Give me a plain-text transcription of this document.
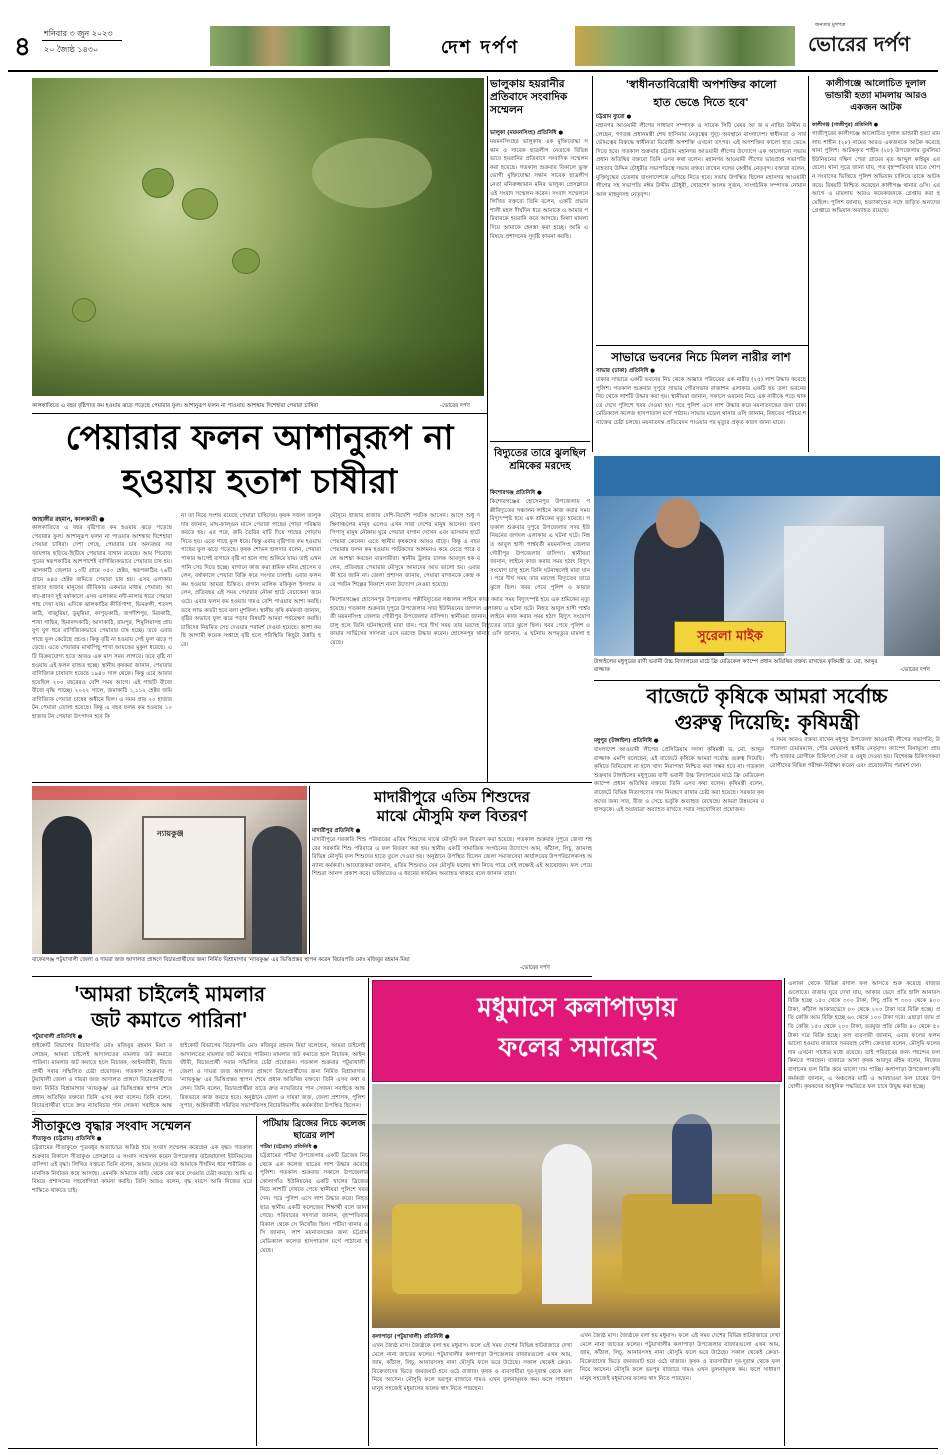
৪ শনিবার ৩ জুন ২০২৩
২০ জ্যৈষ্ঠ ১৪৩০	দেশ দর্পণ
জনতার মুখপত্র
ভোরের দর্পণ
কালকাতিতে এ বছর বৃষ্টিপাত কম হওয়ায় ঝড়ে পড়েছে পেয়ারার ফুল। আশানুরূপ ফলন না পাওয়ায় আশঙ্কায় দিশেহারা পেয়ারা চাষিরা	-ভোরের দর্পণ
পেয়ারার ফলন আশানুরূপ না
হওয়ায় হতাশ চাষীরা
জাহাঙ্গীর রহমান, কালকাতী ●
কালকাতিতে এ বছর বৃষ্টিপাত কম হওয়ায় ঝড়ে পড়েছে পেয়ারার ফুল। আশানুরূপ ফলন না পাওয়ার আশঙ্কায় দিশেহারা পেয়ারা চাষিরা। দেশা গেছে, পেয়ারার চাষ অন্যবছর সব জায়গায় ছড়িয়ে-ছিটিয়ে পেয়ারার বাগান রয়েছে। আর পিরোজপুরের স্বরূপকাঠির আশপাশেই বাণিজ্যিকভাবে পেয়ারার চাষ হয়। ঝালকাঠি জেলার ১৩টি গ্রামে ৩৫০ হেক্টর, স্বরূপকাঠির ২৬টি গ্রামে ৬৪৫ হেক্টর জমিতে পেয়ারা চাষ হয়। এসব এলাকায় হাজার হাজার মানুষের জীবিকার একমাত্র মাধ্যম পেয়ারা। আষাঢ়-শ্রাবণ দুই বর্ষাকালে এসব এলাকার নদী-নালার ধারে পেয়ারা গাছ দেখা যায়। এদিকে ঝালকাঠির কীর্তিপাশা, ভিমরুলী, শতদশকাঠি, খাজুরিয়া, ডুমুরিয়া, কাপুড়কাঠি, জগদীশপুর, মিরকাঠি, শাখা গাছির, হিমানন্দকাঠি, আদাকাঠি, রামপুর, শিমুলিয়াসহ প্রায় যুগ যুগ ধরে বাণিজ্যিকভাবে পেয়ারার চাষ হচ্ছে। তবে এবার গাছে ফুল কেটেছে প্রচণ্ড। কিন্তু বৃষ্টি না হওয়ায় সেই ফুল ঝড়ে পড়েছে। এতে পেয়ারার মাথাপিছু শাখা আয়ত্তের মুকুল ধরেছে। এটি বিক্রয়যোগ্য হতে আরও এক মাস সময় লাগবে। তবে বৃষ্টি না হওয়ায় এই ফলন ব্যাহত হচ্ছে। স্থানীয় কৃষকরা জানান, পেয়ারার বাণিজ্যিক চাষাবাদ হয়েছে ১৯৪০ সাল থেকে। কিন্তু এরে আবার হয়েছিল ২০০ বছরেরও বেশি সময় আগে। এই গাছটি বীজে বীজে বৃদ্ধি পাচ্ছে। ২০২২ সালে, জমাকাঠি ১,১১২ হেক্টর জমি বাণিজ্যিক পেয়ারা চাষের অধীনে ছিল। এ সময় প্রায় ২০ হাজার টন পেয়ারা তোলা হয়েছে। কিন্তু এ বছর ফলন কম হওয়ায় ১০ হাজার টন পেয়ারা উৎপাদন হবে কি
না তা নিয়ে সংশয় রয়েছে পেয়ারা চাষিদের। কৃষক সজল তালুকদার জানান, মাঘ-ফাল্গুন মাসে পেয়ারা গাছের গোড়া পরিষ্কার করতে হয়। এর পরে, জমি তৈরির মাটি দিয়ে গাছের গোড়ায় দিতে হয়। এতে গাছে ফুল ধরে। কিন্তু এবার বৃষ্টিপাত কম হওয়ায় গাছের ফুল ঝড়ে পড়েছে। কৃষক শোভন হালদার বলেন, পেয়ারা পাকার আগেই বাগানে বৃষ্টি না হলে গাছ শুকিয়ে যায়। তাই এখন পানি সেচ দিতে হচ্ছে। বাগানে কাজ করা শ্রমিক মনির হোসেন বলেন, বর্ষাকালে পেয়ারা বিক্রি করে সংসার চালাই। এবার ফলন কম হওয়ায় আমরা চিন্তিত। বাগান মালিক রফিকুল ইসলাম বলেন, প্রতিবছর এই সময় পেয়ারার নৌকা হাটে বেচাকেনা জমে ওঠে। এবার ফলন কম হওয়ায় দামও বেশি পাওয়ার আশা করছি। তবে লাভ কতটা হবে বলা মুশকিল। স্থানীয় কৃষি কর্মকর্তা জানান, বৃষ্টির অভাবে ফুল ঝরে পড়ার বিষয়টি আমরা পর্যবেক্ষণ করছি। চাষিদের নিয়মিত সেচ দেওয়ার পরামর্শ দেওয়া হয়েছে। আশা করছি আগামী কয়েক সপ্তাহে বৃষ্টি হলে পরিস্থিতি কিছুটা উন্নতি হবে।
মৌসুমে হাজার হাজার দেশি-বিদেশি পর্যটক আসেন। আগে শুধু দক্ষিণাঞ্চলের মানুষ এলেও এখন সারা দেশের মানুষ আসেন। ভ্রমণপিপাসু মানুষ নৌকায় ঘুরে পেয়ারা বাগান দেখেন এবং ভাসমান হাটে পেয়ারা কেনেন। এতে স্থানীয় কৃষকদের আয়ও বাড়ে। কিন্তু এ বছর পেয়ারার ফলন কম হওয়ায় পর্যটকদের আগমনও কমে যেতে পারে বলে আশঙ্কা করছেন ব্যবসায়ীরা। স্থানীয় ট্রলার চালক আবদুল হক বলেন, প্রতিবছর পেয়ারার মৌসুমে আমাদের আয় ভালো হয়। এবার কী হবে জানি না। জেলা প্রশাসন জানায়, পেয়ারা বাগানকে কেন্দ্র করে পর্যটন শিল্পের বিকাশে নানা উদ্যোগ নেওয়া হয়েছে।
ভালুকায় হয়রানীর প্রতিবাদে সংবাদিক সম্মেলন
ভালুকা (ময়মনসিংহ) প্রতিনিধি ●
ময়মনসিংহের ভালুকায় এক মুক্তিযোদ্ধা সন্তান ও সাবেক ছাত্রলীগ নেতাকে বিভিন্ন ভাবে হয়রানির প্রতিবাদে সংবাদিক সম্মেলন করা হয়েছে। গতকাল শুক্রবার বিকালে ভুক্তভোগী মুক্তিযোদ্ধা সন্তান সাবেক ছাত্রলীগ নেতা মনিরুজ্জামান মনির ভালুকা প্রেসক্লাবে এই সংবাদ সম্মেলন করেন। সংবাদ সম্মেলনে লিখিত বক্তব্যে তিনি বলেন, একটি প্রভাবশালী মহল দীর্ঘদিন ধরে আমাকে ও আমার পরিবারকে হয়রানি করে আসছে। মিথ্যা মামলা দিয়ে আমাকে হেনস্তা করা হচ্ছে। আমি এ বিষয়ে প্রশাসনের সুদৃষ্টি কামনা করছি।
বিদ্যুতের তারে ঝুলছিল শ্রমিকের মরদেহ
কিশোরগঞ্জ প্রতিনিধি ●
কিশোরগঞ্জের হোসেনপুর উপজেলায় পল্লীবিদ্যুতের সঞ্চালন লাইনে কাজ করার সময় বিদ্যুৎস্পৃষ্ট হয়ে এক শ্রমিকের মৃত্যু হয়েছে। গতকাল শুক্রবার দুপুরে উপজেলার সদর ইউনিয়নের জগদল এলাকায় এ ঘটনা ঘটে। নিহত আবুল হাসী পার্শ্ববর্তী ময়মনসিংহ জেলার গৌরীপুর উপজেলার বাসিন্দা। স্থানীয়রা জানান, লাইনে কাজ করার সময় হঠাৎ বিদ্যুৎ সংযোগ চালু হলে তিনি ঘটনাস্থলেই মারা যান। পরে দীর্ঘ সময় তার মরদেহ বিদ্যুতের তারে ঝুলে ছিল। খবর পেয়ে পুলিশ ও ফায়ার সার্ভিসের সদস্যরা এসে মরদেহ উদ্ধার করেন। হোসেনপুর থানার ওসি জানান, এ ঘটনায় অপমৃত্যুর মামলা হয়েছে।
কিশোরগঞ্জের হোসেনপুর উপজেলায় পল্লীবিদ্যুতের সঞ্চালন লাইনে কাজ করার সময় বিদ্যুৎস্পৃষ্ট হয়ে এক শ্রমিকের মৃত্যু হয়েছে। গতকাল শুক্রবার দুপুরে উপজেলার সদর ইউনিয়নের জগদল এলাকায় এ ঘটনা ঘটে। নিহত আবুল হাসী পার্শ্ববর্তী ময়মনসিংহ জেলার গৌরীপুর উপজেলার বাসিন্দা। স্থানীয়রা জানান, লাইনে কাজ করার সময় হঠাৎ বিদ্যুৎ সংযোগ চালু হলে তিনি ঘটনাস্থলেই মারা যান। পরে দীর্ঘ সময় তার মরদেহ বিদ্যুতের তারে ঝুলে ছিল। খবর পেয়ে পুলিশ ও ফায়ার
'স্বাধীনতাবিরোধী অপশক্তির কালো
হাত ভেঙে দিতে হবে'
চট্টগ্রাম ব্যুরো ●
মহানগর আওয়ামী লীগের সাধারণ সম্পাদক ও সাবেক সিটি মেয়র আ জ ম নাছির উদ্দীন বলেছেন, গণতন্ত্র প্রধানমন্ত্রী শেখ হাসিনার নেতৃত্বের সুদৃঢ় অবস্থানে বাংলাদেশ। স্বাধীনতা ও সার্বভৌমত্বের বিরুদ্ধে স্বাধীনতা বিরোধী অপশক্তি এখনো তৎপর। এই অপশক্তির কালো হাত ভেঙে দিতে হবে। গতকাল শুক্রবার চট্টগ্রাম মহানগর আওয়ামী লীগের উদ্যোগে এক আলোচনা সভায় প্রধান অতিথির বক্তব্যে তিনি এসব কথা বলেন। মহানগর আওয়ামী লীগের ভারপ্রাপ্ত সভাপতি মাহতাব উদ্দিন চৌধুরীর সভাপতিত্বে সভায় বক্তব্য রাখেন দলের কেন্দ্রীয় নেতৃবৃন্দ। বক্তারা বলেন, মুক্তিযুদ্ধের চেতনায় বাংলাদেশকে এগিয়ে নিতে হবে। সভায় উপস্থিত ছিলেন মহানগর আওয়ামী লীগের সহ সভাপতি নঈম উদ্দীন চৌধুরী, খোরশেদ আলম সুজন, সাংগঠনিক সম্পাদক নোমান আল মাহমুদসহ নেতৃবৃন্দ।
কালীগঞ্জে আলোচিত দুলাল ভান্ডারী হত্যা মামলায় আরও একজন আটক
কালীগঞ্জ (গাজীপুর) প্রতিনিধি ●
গাজীপুরের কালীগঞ্জে আলোচিত দুলাল ভান্ডারী হত্যা মামলায় শাহীন (২৮) নামের আরও একজনকে আটক করেছে থানা পুলিশ। আটককৃত শাহীন (২৮) উপজেলার তুমলিয়া ইউনিয়নের দক্ষিণ পেরা গ্রামের মৃত আব্দুল কাইয়ুম এর ছেলে। থানা সূত্রে জানা যায়, গত বৃহস্পতিবার রাতে গোপন সংবাদের ভিত্তিতে পুলিশ অভিযান চালিয়ে তাকে আটক করে। বিষয়টি নিশ্চিত করেছেন কালীগঞ্জ থানার ওসি। এর আগে এ মামলায় আরও কয়েকজনকে গ্রেপ্তার করা হয়েছিল। পুলিশ জানায়, হত্যাকাণ্ডের সঙ্গে জড়িত অন্যদের গ্রেপ্তারে অভিযান অব্যাহত রয়েছে।
সাভারে ভবনের নিচে মিলল নারীর লাশ
সাভার (ঢাকা) প্রতিনিধি ●
ঢাকার সাভারে একটি ভবনের নিচ থেকে অজ্ঞাত পরিচয়ের এক নারীর (২৫) লাশ উদ্ধার করেছে পুলিশ। গতকাল শুক্রবার দুপুরে সাভার পৌরসভার রাজাশন এলাকার একটি ছয় তলা ভবনের নিচ থেকে লাশটি উদ্ধার করা হয়। স্থানীয়রা জানান, সকালে ভবনের নিচে এক নারীকে পড়ে থাকতে দেখে পুলিশে খবর দেওয়া হয়। পরে পুলিশ এসে লাশ উদ্ধার করে ময়নাতদন্তের জন্য ঢাকা মেডিক্যাল কলেজ হাসপাতাল মর্গে পাঠায়। সাভার মডেল থানার ওসি জানান, নিহতের পরিচয় শনাক্তের চেষ্টা চলছে। ময়নাতদন্ত প্রতিবেদন পাওয়ার পর মৃত্যুর প্রকৃত কারণ জানা যাবে।
সুরেলা মাইক
টাঙ্গাইলের মধুপুরের রাণী ভবানী উচ্চ বিদ্যালয়ের মাঠে ফ্রি মেডিকেল ক্যাম্পে প্রধান অতিথির বক্তব্য রাখছেন কৃষিমন্ত্রী ড. মো. আব্দুর রাজ্জাক	-ভোরের দর্পণ
বাজেটে কৃষিকে আমরা সর্বোচ্চ
গুরুত্ব দিয়েছি: কৃষিমন্ত্রী
মধুপুর (টাঙ্গাইল) প্রতিনিধি ●
বাংলাদেশ আওয়ামী লীগের প্রেসিডিয়াম সদস্য কৃষিমন্ত্রী ড. মো. আব্দুর রাজ্জাক এমপি বলেছেন, এই বাজেটে কৃষিকে আমরা সর্বোচ্চ গুরুত্ব দিয়েছি। কৃষিতে বিনিয়োগ না হলে খাদ্য নিরাপত্তা নিশ্চিত করা সম্ভব হবে না। গতকাল শুক্রবার টাঙ্গাইলের মধুপুরের রাণী ভবানী উচ্চ বিদ্যালয়ের মাঠে ফ্রি মেডিকেল ক্যাম্পে প্রধান অতিথির বক্তব্যে তিনি এসব কথা বলেন। কৃষিমন্ত্রী বলেন, বাজেটে বিভিন্ন নিত্যপণ্যের দাম নিয়ন্ত্রণে রাখার চেষ্টা করা হয়েছে। সরকার কৃষকদের জন্য সার, বীজ ও সেচে ভর্তুকি অব্যাহত রেখেছে। আমরা উন্নয়নের মহাসড়কে। এই অগ্রযাত্রা অব্যাহত রাখতে সবার সহযোগিতা প্রয়োজন।
এ সময় আরও বক্তব্য রাখেন মধুপুর উপজেলা আওয়ামী লীগের সভাপতি, উপজেলা চেয়ারম্যান, পৌর মেয়রসহ স্থানীয় নেতৃবৃন্দ। ক্যাম্পে বিনামূল্যে প্রায় পাঁচ হাজার রোগীকে চিকিৎসা সেবা ও ওষুধ দেওয়া হয়। বিশেষজ্ঞ চিকিৎসকরা রোগীদের বিভিন্ন পরীক্ষা-নিরীক্ষা করেন এবং প্রয়োজনীয় পরামর্শ দেন।
ন্যায়কুঞ্জ
বাকেরগঞ্জ পটুয়াখালী জেলা ও দায়রা জজ আদালত প্রাঙ্গণে বিচারপ্রার্থীদের জন্য নির্মিত বিশ্রামাগার 'ন্যায়কুঞ্জ' এর ভিত্তিপ্রস্তর স্থাপন করেন বিচারপতি মোঃ মজিবুর রহমান মিয়া
-ভোরের দর্পণ
মাদারীপুরে এতিম শিশুদের
মাঝে মৌসুমি ফল বিতরণ
মাদারীপুর প্রতিনিধি ●
মাদারীপুরে সরকারি শিশু পরিবারের এতিম শিশুদের মাঝে মৌসুমি ফল বিতরণ করা হয়েছে। গতকাল শুক্রবার দুপুরে জেলা শহরের সরকারি শিশু পরিবারে এ ফল বিতরণ করা হয়। স্থানীয় একটি সামাজিক সংগঠনের উদ্যোগে আম, কাঁঠাল, লিচু, জামসহ বিভিন্ন মৌসুমি ফল শিশুদের হাতে তুলে দেওয়া হয়। অনুষ্ঠানে উপস্থিত ছিলেন জেলা সমাজসেবা কার্যালয়ের উপপরিচালকসহ অন্যান্য কর্মকর্তা। আয়োজকরা জানান, এতিম শিশুরাও যেন মৌসুমি ফলের স্বাদ নিতে পারে সেই লক্ষ্যেই এই আয়োজন। ফল পেয়ে শিশুরা আনন্দ প্রকাশ করে। ভবিষ্যতেও এ ধরনের কার্যক্রম অব্যাহত থাকবে বলে জানান তারা।
'আমরা চাইলেই মামলার
জট কমাতে পারিনা'
পটুয়াখালী প্রতিনিধি ●
হাইকোর্ট বিভাগের বিচারপতি মোঃ মজিবুর রহমান মিয়া বলেছেন, আমরা চাইলেই আদালতের মামলার জট কমাতে পারিনা। মামলার জট কমাতে হলে বিচারক, আইনজীবী, বিচারপ্রার্থী সবার সম্মিলিত চেষ্টা প্রয়োজন। গতকাল শুক্রবার পটুয়াখালী জেলা ও দায়রা জজ আদালত প্রাঙ্গণে বিচারপ্রার্থীদের জন্য নির্মিত বিশ্রামাগার 'ন্যায়কুঞ্জ' এর ভিত্তিপ্রস্তর স্থাপন শেষে প্রধান অতিথির বক্তব্যে তিনি এসব কথা বলেন। তিনি বলেন, বিচারপ্রার্থীরা যাতে দ্রুত ন্যায়বিচার পান সেজন্য সবাইকে আন্ত
হাইকোর্ট বিভাগের বিচারপতি মোঃ মজিবুর রহমান মিয়া বলেছেন, আমরা চাইলেই আদালতের মামলার জট কমাতে পারিনা। মামলার জট কমাতে হলে বিচারক, আইনজীবী, বিচারপ্রার্থী সবার সম্মিলিত চেষ্টা প্রয়োজন। গতকাল শুক্রবার পটুয়াখালী জেলা ও দায়রা জজ আদালত প্রাঙ্গণে বিচারপ্রার্থীদের জন্য নির্মিত বিশ্রামাগার 'ন্যায়কুঞ্জ' এর ভিত্তিপ্রস্তর স্থাপন শেষে প্রধান অতিথির বক্তব্যে তিনি এসব কথা বলেন। তিনি বলেন, বিচারপ্রার্থীরা যাতে দ্রুত ন্যায়বিচার পান সেজন্য সবাইকে আন্তরিকভাবে কাজ করতে হবে। অনুষ্ঠানে জেলা ও দায়রা জজ, জেলা প্রশাসক, পুলিশ সুপার, আইনজীবী সমিতির সভাপতিসহ বিচারবিভাগীয় কর্মকর্তারা উপস্থিত ছিলেন।
সীতাকুণ্ডে বৃদ্ধার সংবাদ সম্মেলন
সীতাকুণ্ড (চট্টগ্রাম) প্রতিনিধি ●
চট্টগ্রামের সীতাকুণ্ডে পুত্রবধূর অত্যাচারে অতিষ্ঠ হয়ে সংবাদ সম্মেলন করেছেন এক বৃদ্ধা। গতকাল শুক্রবার বিকালে সীতাকুণ্ড প্রেসক্লাবে এ সংবাদ সম্মেলন করেন উপজেলার বারৈয়াঢালা ইউনিয়নের বাসিন্দা ওই বৃদ্ধা। লিখিত বক্তব্যে তিনি বলেন, আমার ছেলের বউ আমাকে দীর্ঘদিন ধরে শারীরিক ও মানসিক নির্যাতন করে আসছে। এমনকি আমাকে বাড়ি থেকে বের করে দেওয়ার চেষ্টা করছে। আমি এ বিষয়ে প্রশাসনের সহযোগিতা কামনা করছি। তিনি আরও বলেন, বৃদ্ধ বয়সে আমি নিজের ঘরে শান্তিতে থাকতে চাই।
পটিয়ায় ব্রিজের নিচে কলেজ ছাত্রের লাশ
পটিয়া (চট্টগ্রাম) প্রতিনিধি ●
চট্টগ্রামের পটিয়া উপজেলার একটি ব্রিজের নিচ থেকে এক কলেজ ছাত্রের লাশ উদ্ধার করেছে পুলিশ। গতকাল শুক্রবার সকালে উপজেলার কোলাগাঁও ইউনিয়নের একটি খালের ব্রিজের নিচে লাশটি দেখতে পেয়ে স্থানীয়রা পুলিশে খবর দেন। পরে পুলিশ এসে লাশ উদ্ধার করে। নিহত ছাত্র স্থানীয় একটি কলেজের শিক্ষার্থী বলে জানা গেছে। পরিবারের সদস্যরা জানান, বৃহস্পতিবার বিকাল থেকে সে নিখোঁজ ছিল। পটিয়া থানার ওসি জানান, লাশ ময়নাতদন্তের জন্য চট্টগ্রাম মেডিক্যাল কলেজ হাসপাতাল মর্গে পাঠানো হয়েছে।
মধুমাসে কলাপাড়ায়
ফলের সমারোহ
কলাপাড়া (পটুয়াখালী) প্রতিনিধি ●
এখন জ্যৈষ্ঠ মাস। জ্যৈষ্ঠকে বলা হয় মধুমাস। ফলে এই সময় দেশের বিভিন্ন হাটবাজারে দেখা মেলে নানা জাতের ফলের। পটুয়াখালীর কলাপাড়া উপজেলার বাজারগুলো এখন আম, জাম, কাঁঠাল, লিচু, আনারসসহ নানা মৌসুমি ফলে ভরে উঠেছে। সকাল থেকেই ক্রেতা-বিক্রেতাদের ভিড়ে জমজমাট হয়ে ওঠে বাজার। কৃষক ও ব্যবসায়ীরা দূর-দূরান্ত থেকে ফল নিয়ে আসেন। মৌসুমি ফলে ভরপুর বাজারে দামও এখন তুলনামূলক কম। ফলে সাধারণ মানুষ সহজেই মধুমাসের ফলের স্বাদ নিতে পারছেন।
এখন জ্যৈষ্ঠ মাস। জ্যৈষ্ঠকে বলা হয় মধুমাস। ফলে এই সময় দেশের বিভিন্ন হাটবাজারে দেখা মেলে নানা জাতের ফলের। পটুয়াখালীর কলাপাড়া উপজেলার বাজারগুলো এখন আম, জাম, কাঁঠাল, লিচু, আনারসসহ নানা মৌসুমি ফলে ভরে উঠেছে। সকাল থেকেই ক্রেতা-বিক্রেতাদের ভিড়ে জমজমাট হয়ে ওঠে বাজার। কৃষক ও ব্যবসায়ীরা দূর-দূরান্ত থেকে ফল নিয়ে আসেন। মৌসুমি ফলে ভরপুর বাজারে দামও এখন তুলনামূলক কম। ফলে সাধারণ মানুষ সহজেই মধুমাসের ফলের স্বাদ নিতে পারছেন।
এলাকা থেকে বিভিন্ন রসাল ফল আসতে শুরু করেছে বাজারগুলোতে। বাজার ঘুরে দেখা যায়, আকার ভেদে প্রতি হালি আনারস বিক্রি হচ্ছে ১৫০ থেকে ৩০০ টাকা, লিচু প্রতি শ ৩০০ থেকে ৪০০ টাকা, কাঁঠাল আকারভেদে ৮০ থেকে ২০০ টাকা দরে বিক্রি হচ্ছে। প্রতি কেজি আম বিক্রি হচ্ছে ৬০ থেকে ১০০ টাকা দরে। এছাড়া জাম প্রতি কেজি ১৫০ থেকে ২০০ টাকা, তরমুজ প্রতি কেজি ৪০ থেকে ৫০ টাকা দরে বিক্রি হচ্ছে। ফল ব্যবসায়ী জানান, এবার ফলের ফলন ভালো হওয়ায় বাজারে সরবরাহ বেশি। ক্রেতারা বলেন, মৌসুমি ফলের দাম এখনো সাধ্যের মধ্যে রয়েছে। তাই পরিবারের জন্য পছন্দের ফল কিনতে পারছেন। বাজারে আসা কৃষক আবদুর রহিম বলেন, নিজের বাগানের ফল বিক্রি করে ভালো দাম পাচ্ছি। কলাপাড়া উপজেলা কৃষি কর্মকর্তা জানান, এ অঞ্চলের মাটি ও আবহাওয়া ফল চাষের উপযোগী। কৃষকদের আধুনিক পদ্ধতিতে ফল চাষে উদ্বুদ্ধ করা হচ্ছে।
